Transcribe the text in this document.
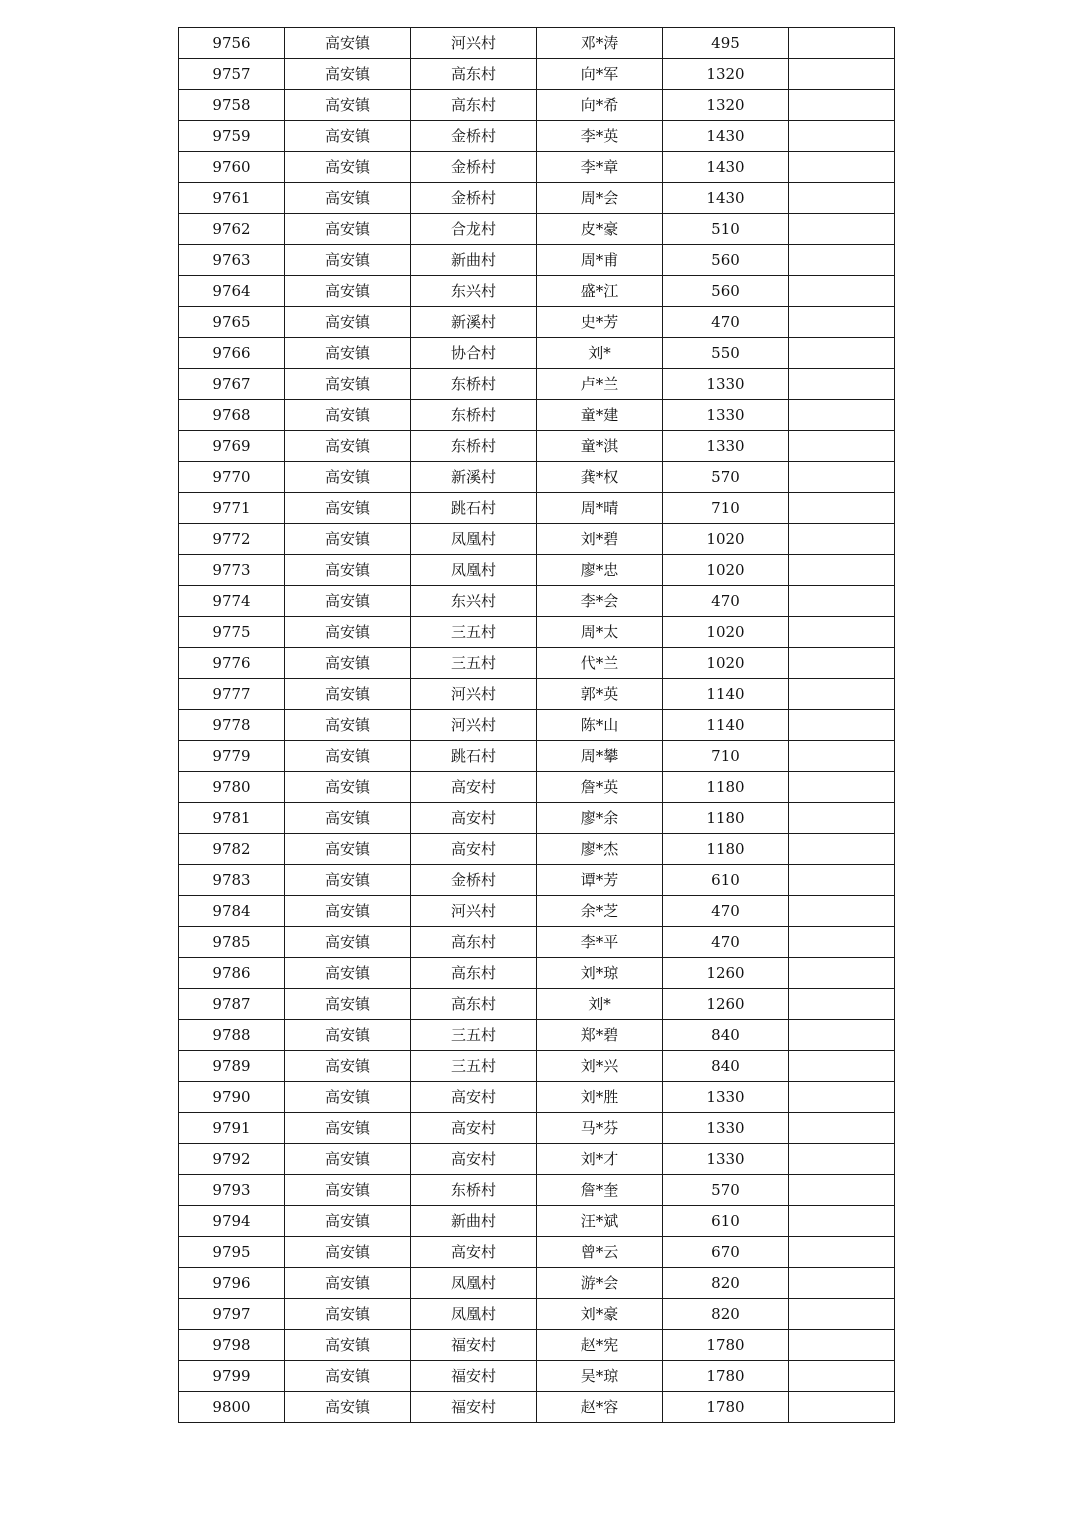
9756	高安镇	河兴村	邓*涛	495	
9757	高安镇	高东村	向*军	1320	
9758	高安镇	高东村	向*希	1320	
9759	高安镇	金桥村	李*英	1430	
9760	高安镇	金桥村	李*章	1430	
9761	高安镇	金桥村	周*会	1430	
9762	高安镇	合龙村	皮*豪	510	
9763	高安镇	新曲村	周*甫	560	
9764	高安镇	东兴村	盛*江	560	
9765	高安镇	新溪村	史*芳	470	
9766	高安镇	协合村	刘*	550	
9767	高安镇	东桥村	卢*兰	1330	
9768	高安镇	东桥村	童*建	1330	
9769	高安镇	东桥村	童*淇	1330	
9770	高安镇	新溪村	龚*权	570	
9771	高安镇	跳石村	周*晴	710	
9772	高安镇	凤凰村	刘*碧	1020	
9773	高安镇	凤凰村	廖*忠	1020	
9774	高安镇	东兴村	李*会	470	
9775	高安镇	三五村	周*太	1020	
9776	高安镇	三五村	代*兰	1020	
9777	高安镇	河兴村	郭*英	1140	
9778	高安镇	河兴村	陈*山	1140	
9779	高安镇	跳石村	周*攀	710	
9780	高安镇	高安村	詹*英	1180	
9781	高安镇	高安村	廖*余	1180	
9782	高安镇	高安村	廖*杰	1180	
9783	高安镇	金桥村	谭*芳	610	
9784	高安镇	河兴村	余*芝	470	
9785	高安镇	高东村	李*平	470	
9786	高安镇	高东村	刘*琼	1260	
9787	高安镇	高东村	刘*	1260	
9788	高安镇	三五村	郑*碧	840	
9789	高安镇	三五村	刘*兴	840	
9790	高安镇	高安村	刘*胜	1330	
9791	高安镇	高安村	马*芬	1330	
9792	高安镇	高安村	刘*才	1330	
9793	高安镇	东桥村	詹*奎	570	
9794	高安镇	新曲村	汪*斌	610	
9795	高安镇	高安村	曾*云	670	
9796	高安镇	凤凰村	游*会	820	
9797	高安镇	凤凰村	刘*豪	820	
9798	高安镇	福安村	赵*宪	1780	
9799	高安镇	福安村	吴*琼	1780	
9800	高安镇	福安村	赵*容	1780	
